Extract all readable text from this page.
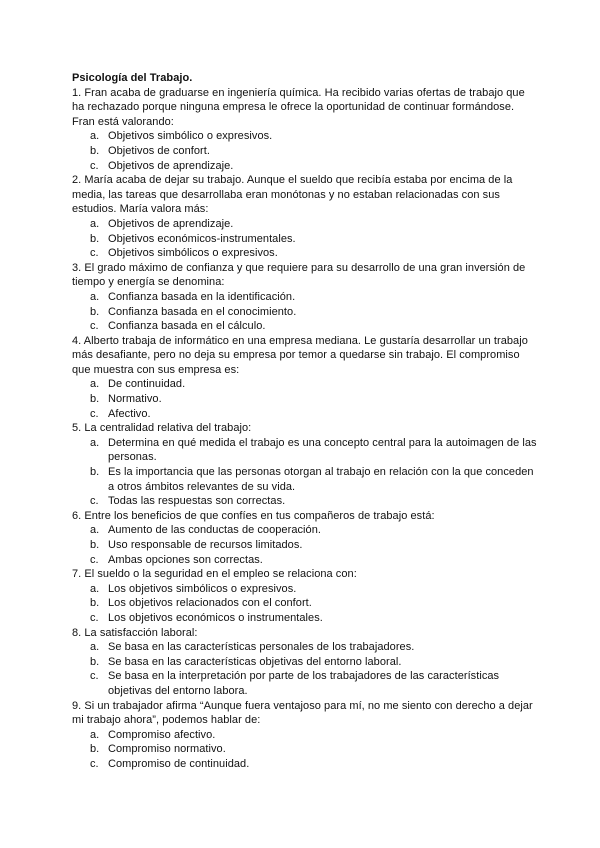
Psicología del Trabajo.

1. Fran acaba de graduarse en ingeniería química. Ha recibido varias ofertas de trabajo que ha rechazado porque ninguna empresa le ofrece la oportunidad de continuar formándose. Fran está valorando:

a. Objetivos simbólico o expresivos.
b. Objetivos de confort.
c. Objetivos de aprendizaje.

2. María acaba de dejar su trabajo. Aunque el sueldo que recibía estaba por encima de la media, las tareas que desarrollaba eran monótonas y no estaban relacionadas con sus estudios. María valora más:

a. Objetivos de aprendizaje.
b. Objetivos económicos-instrumentales.
c. Objetivos simbólicos o expresivos.

3. El grado máximo de confianza y que requiere para su desarrollo de una gran inversión de tiempo y energía se denomina:

a. Confianza basada en la identificación.
b. Confianza basada en el conocimiento.
c. Confianza basada en el cálculo.

4. Alberto trabaja de informático en una empresa mediana. Le gustaría desarrollar un trabajo más desafiante, pero no deja su empresa por temor a quedarse sin trabajo. El compromiso que muestra con sus empresa es:

a. De continuidad.
b. Normativo.
c. Afectivo.

5. La centralidad relativa del trabajo:

a. Determina en qué medida el trabajo es una concepto central para la autoimagen de las personas.
b. Es la importancia que las personas otorgan al trabajo en relación con la que conceden a otros ámbitos relevantes de su vida.
c. Todas las respuestas son correctas.

6. Entre los beneficios de que confíes en tus compañeros de trabajo está:

a. Aumento de las conductas de cooperación.
b. Uso responsable de recursos limitados.
c. Ambas opciones son correctas.

7. El sueldo o la seguridad en el empleo se relaciona con:

a. Los objetivos simbólicos o expresivos.
b. Los objetivos relacionados con el confort.
c. Los objetivos económicos o instrumentales.

8. La satisfacción laboral:

a. Se basa en las características personales de los trabajadores.
b. Se basa en las características objetivas del entorno laboral.
c. Se basa en la interpretación por parte de los trabajadores de las características objetivas del entorno labora.

9. Si un trabajador afirma “Aunque fuera ventajoso para mí, no me siento con derecho a dejar mi trabajo ahora”, podemos hablar de:

a. Compromiso afectivo.
b. Compromiso normativo.
c. Compromiso de continuidad.
